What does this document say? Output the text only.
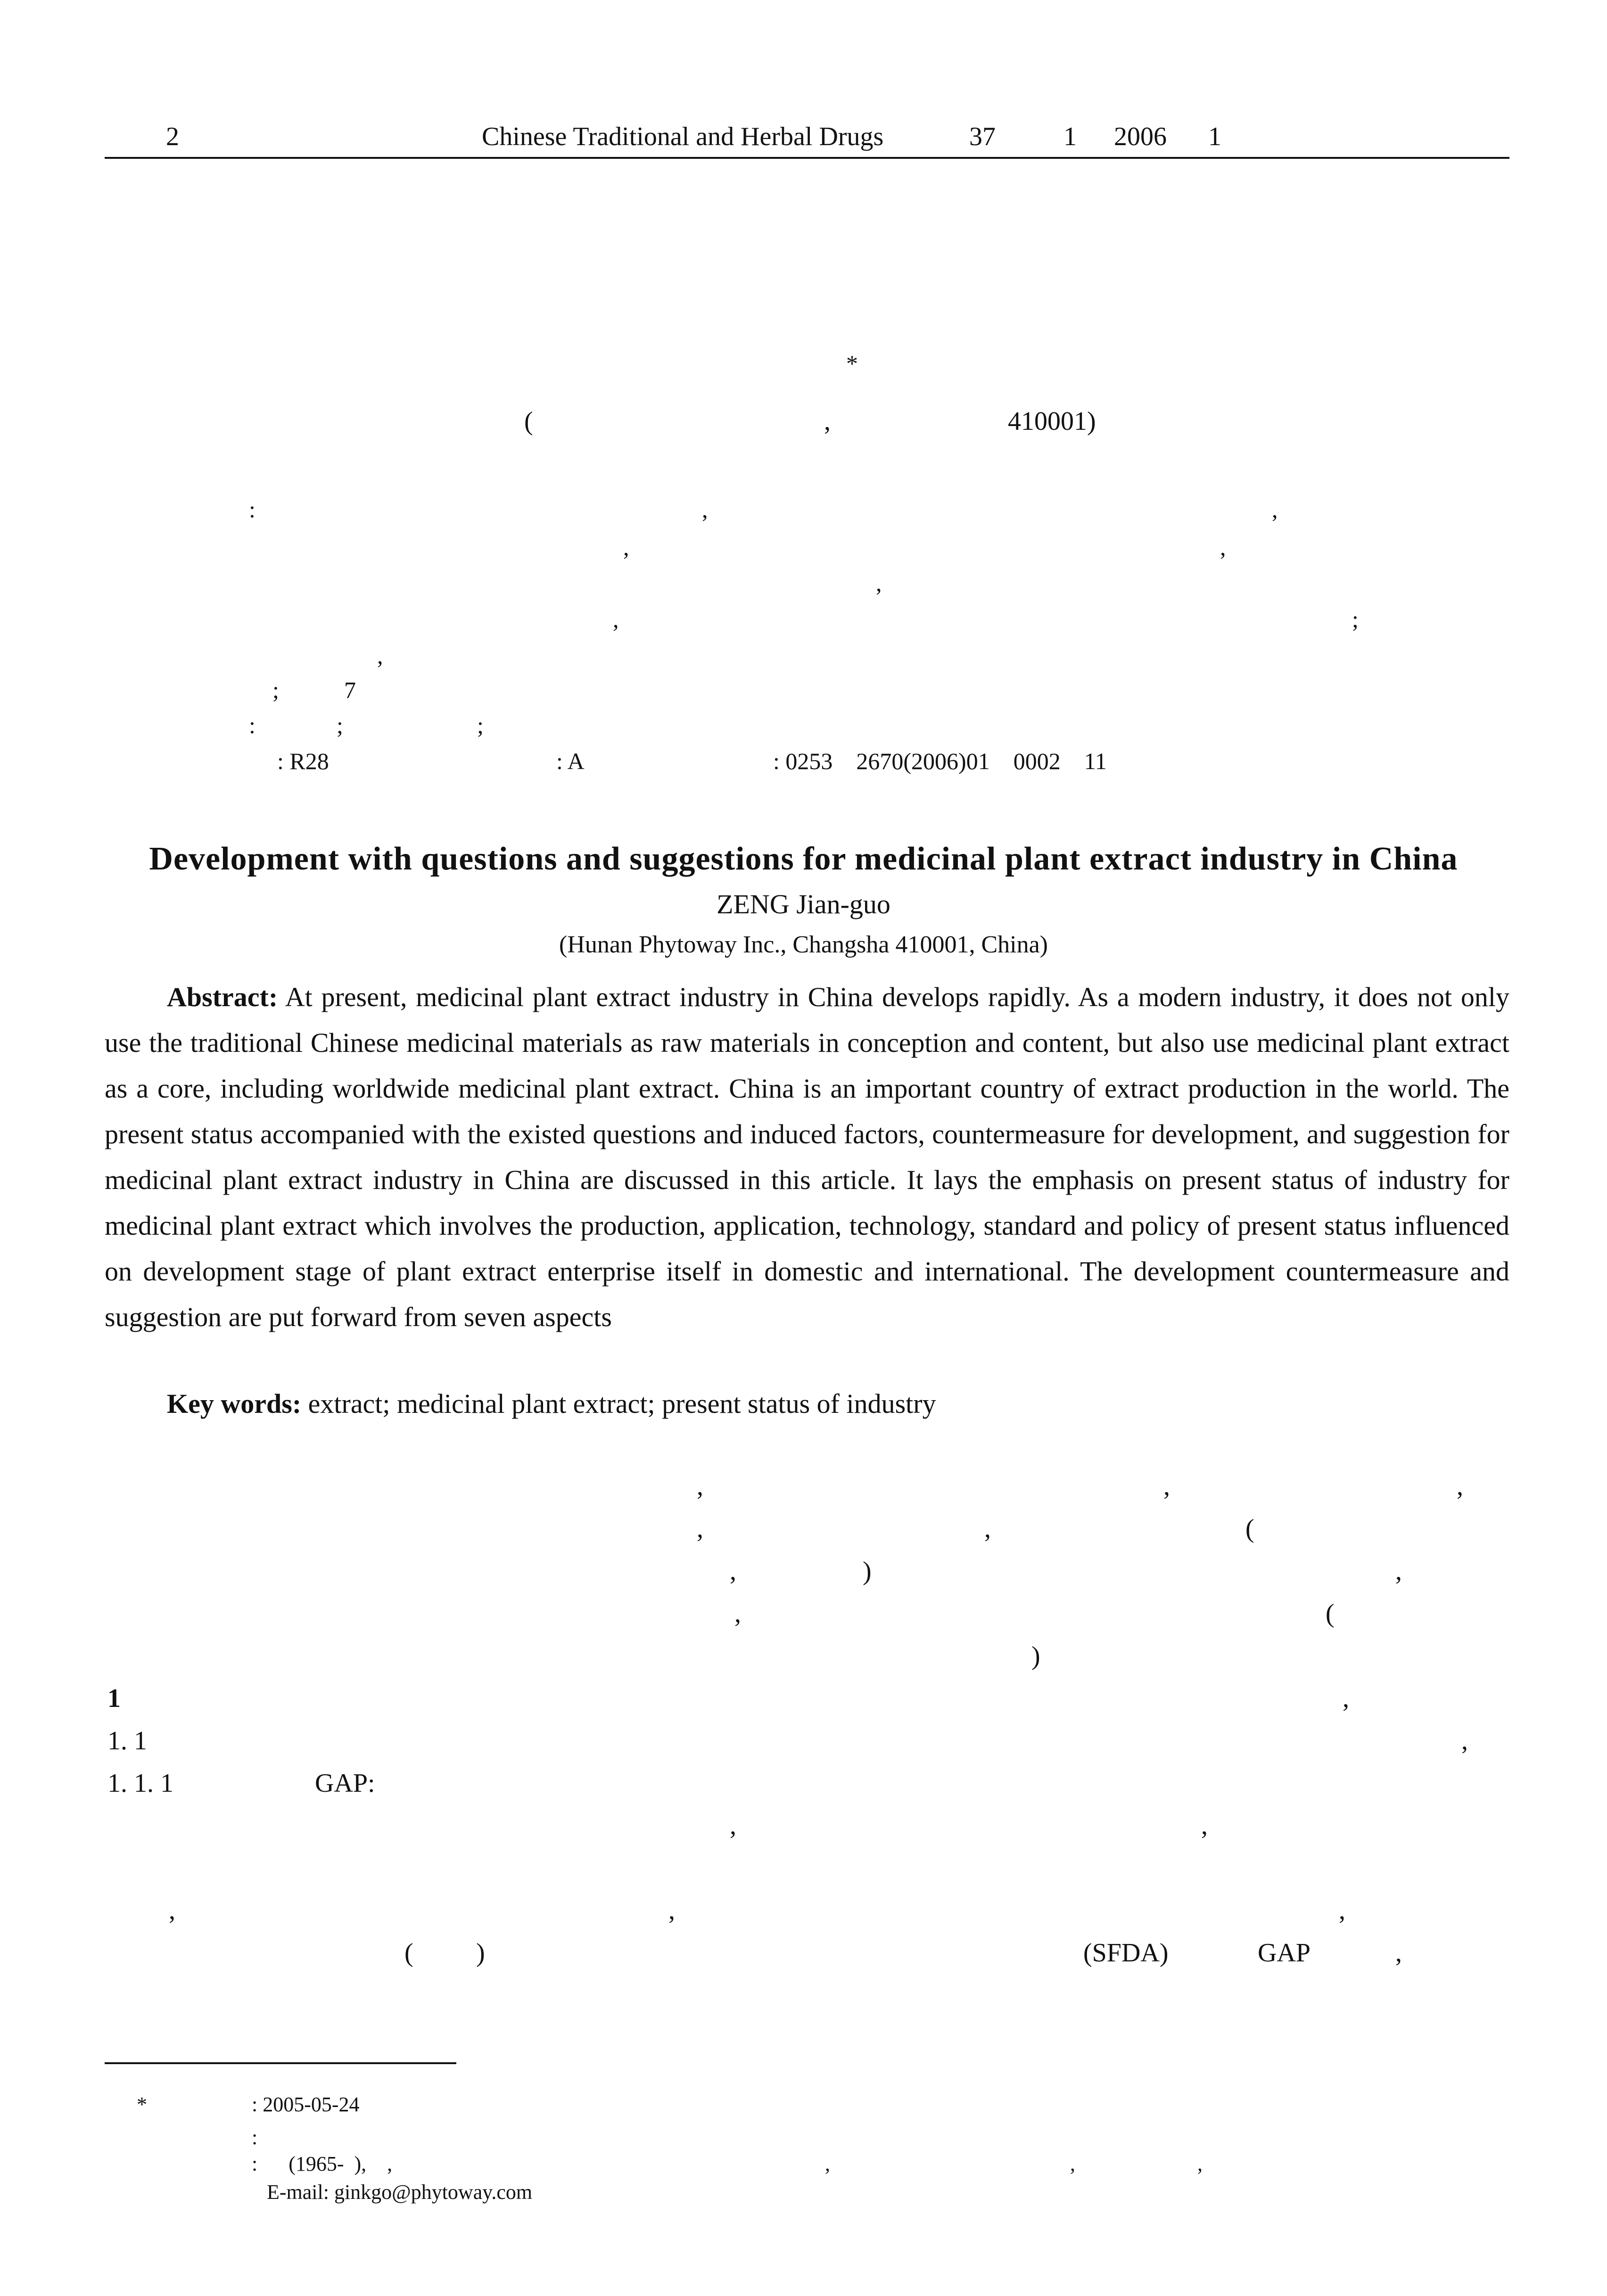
2	Chinese Traditional and Herbal Drugs	37	1 2006 1
*
(	,	410001)
:	,	,
,	,
,
,	;
,
;	7
:	;	;
: R28	: A	: 0253    2670(2006)01    0002    11
Development with questions and suggestions for medicinal plant extract industry in China
ZENG Jian-guo
(Hunan Phytoway Inc., Changsha 410001, China)
Abstract: At present, medicinal plant extract industry in China develops rapidly. As a modern industry, it does not only use the traditional Chinese medicinal materials as raw materials in conception and content, but also use medicinal plant extract as a core, including worldwide medicinal plant extract. China is an important country of extract production in the world. The present status accompanied with the existed questions and induced factors, countermeasure for development, and suggestion for medicinal plant extract industry in China are discussed in this article. It lays the emphasis on present status of industry for medicinal plant extract which involves the production, application, technology, standard and policy of present status influenced on development stage of plant extract enterprise itself in domestic and international. The development countermeasure and suggestion are put forward from seven aspects
Key words: extract; medicinal plant extract; present status of industry
,	,	,
,	,	(
,	)	,
,	(
)
1	,
1. 1	,
1. 1. 1	GAP:
,	,
,	,	,
( )	(SFDA)	GAP	,
*	: 2005-05-24
:
:      (1965-  ),    ,	,	,	,
E-mail: ginkgo@phytoway.com
